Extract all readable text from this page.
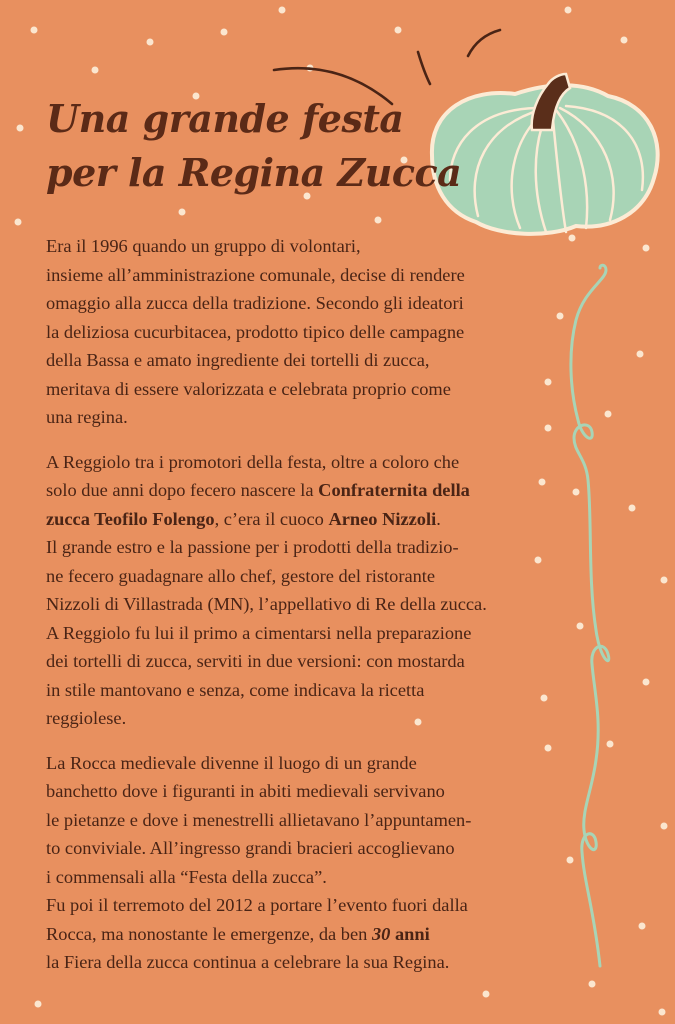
Una grande festa
per la Regina Zucca

Era il 1996 quando un gruppo di volontari,
insieme all’amministrazione comunale, decise di rendere
omaggio alla zucca della tradizione. Secondo gli ideatori
la deliziosa cucurbitacea, prodotto tipico delle campagne
della Bassa e amato ingrediente dei tortelli di zucca,
meritava di essere valorizzata e celebrata proprio come
una regina.

A Reggiolo tra i promotori della festa, oltre a coloro che
solo due anni dopo fecero nascere la Confraternita della
zucca Teofilo Folengo, c’era il cuoco Arneo Nizzoli.
Il grande estro e la passione per i prodotti della tradizio-
ne fecero guadagnare allo chef, gestore del ristorante
Nizzoli di Villastrada (MN), l’appellativo di Re della zucca.
A Reggiolo fu lui il primo a cimentarsi nella preparazione
dei tortelli di zucca, serviti in due versioni: con mostarda
in stile mantovano e senza, come indicava la ricetta
reggiolese.

La Rocca medievale divenne il luogo di un grande
banchetto dove i figuranti in abiti medievali servivano
le pietanze e dove i menestrelli allietavano l’appuntamen-
to conviviale. All’ingresso grandi bracieri accoglievano
i commensali alla “Festa della zucca”.
Fu poi il terremoto del 2012 a portare l’evento fuori dalla
Rocca, ma nonostante le emergenze, da ben 30 anni
la Fiera della zucca continua a celebrare la sua Regina.
